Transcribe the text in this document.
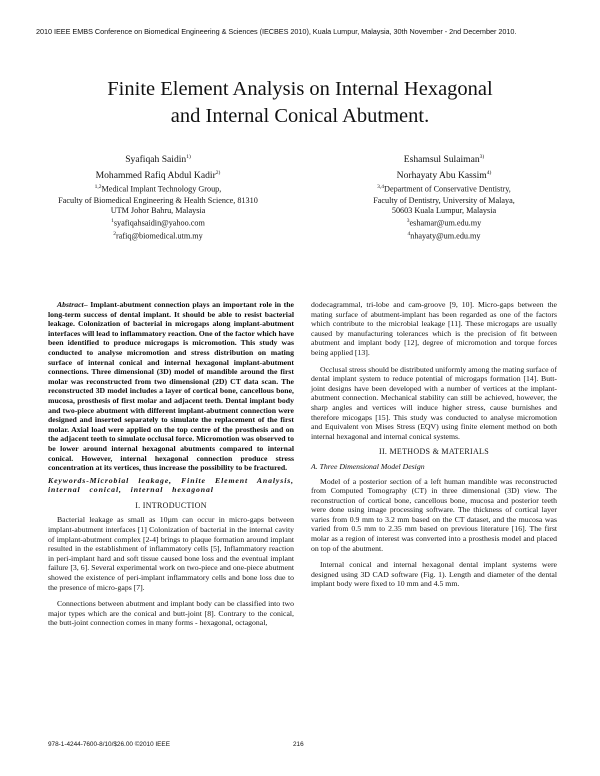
2010 IEEE EMBS Conference on Biomedical Engineering & Sciences (IECBES 2010), Kuala Lumpur, Malaysia, 30th November - 2nd December 2010.
Finite Element Analysis on Internal Hexagonal
and Internal Conical Abutment.
Syafiqah Saidin$^{1)}$
Mohammed Rafiq Abdul Kadir$^{2)}$
$^{1,2}$Medical Implant Technology Group,
Faculty of Biomedical Engineering & Health Science, 81310
UTM Johor Bahru, Malaysia
$^1$syafiqahsaidin@yahoo.com
$^2$rafiq@biomedical.utm.my
Eshamsul Sulaiman$^{3)}$
Norhayaty Abu Kassim$^{4)}$
$^{3,4}$Department of Conservative Dentistry,
Faculty of Dentistry, University of Malaya,
50603 Kuala Lumpur, Malaysia
$^3$eshamar@um.edu.my
$^4$nhayaty@um.edu.my

Abstract– Implant-abutment connection plays an important role in the long-term success of dental implant. It should be able to resist bacterial leakage. Colonization of bacterial in microgaps along implant-abutment interfaces will lead to inflammatory reaction. One of the factor which have been identified to produce microgaps is micromotion. This study was conducted to analyse micromotion and stress distribution on mating surface of internal conical and internal hexagonal implant-abutment connections. Three dimensional (3D) model of mandible around the first molar was reconstructed from two dimensional (2D) CT data scan. The reconstructed 3D model includes a layer of cortical bone, cancellous bone, mucosa, prosthesis of first molar and adjacent teeth. Dental implant body and two-piece abutment with different implant-abutment connection were designed and inserted separately to simulate the replacement of the first molar. Axial load were applied on the top centre of the prosthesis and on the adjacent teeth to simulate occlusal force. Micromotion was observed to be lower around internal hexagonal abutments compared to internal conical. However, internal hexagonal connection produce stress concentration at its vertices, thus increase the possibility to be fractured.

Keywords-Microbial leakage, Finite Element Analysis, internal conical, internal hexagonal

I. INTRODUCTION

Bacterial leakage as small as 10µm can occur in micro-gaps between implant-abutment interfaces [1] Colonization of bacterial in the internal cavity of implant-abutment complex [2-4] brings to plaque formation around implant resulted in the establishment of inflammatory cells [5], Inflammatory reaction in peri-implant hard and soft tissue caused bone loss and the eventual implant failure [3, 6]. Several experimental work on two-piece and one-piece abutment showed the existence of peri-implant inflammatory cells and bone loss due to the presence of micro-gaps [7].

Connections between abutment and implant body can be classified into two major types which are the conical and butt-joint [8]. Contrary to the conical, the butt-joint connection comes in many forms - hexagonal, octagonal,

dodecagrammal, tri-lobe and cam-groove [9, 10]. Micro-gaps between the mating surface of abutment-implant has been regarded as one of the factors which contribute to the microbial leakage [11]. These microgaps are usually caused by manufacturing tolerances which is the precision of fit between abutment and implant body [12], degree of micromotion and torque forces being applied [13].

Occlusal stress should be distributed uniformly among the mating surface of dental implant system to reduce potential of microgaps formation [14]. Butt-joint designs have been developed with a number of vertices at the implant-abutment connection. Mechanical stability can still be achieved, however, the sharp angles and vertices will induce higher stress, cause burnishes and therefore micogaps [15]. This study was conducted to analyse micromotion and Equivalent von Mises Stress (EQV) using finite element method on both internal hexagonal and internal conical systems.

II. METHODS & MATERIALS

A. Three Dimensional Model Design

Model of a posterior section of a left human mandible was reconstructed from Computed Tomography (CT) in three dimensional (3D) view. The reconstruction of cortical bone, cancellous bone, mucosa and posterior teeth were done using image processing software. The thickness of cortical layer varies from 0.9 mm to 3.2 mm based on the CT dataset, and the mucosa was varied from 0.5 mm to 2.35 mm based on previous literature [16]. The first molar as a region of interest was converted into a prosthesis model and placed on top of the abutment.

Internal conical and internal hexagonal dental implant systems were designed using 3D CAD software (Fig. 1). Length and diameter of the dental implant body were fixed to 10 mm and 4.5 mm.

978-1-4244-7600-8/10/$26.00 ©2010 IEEE	216
